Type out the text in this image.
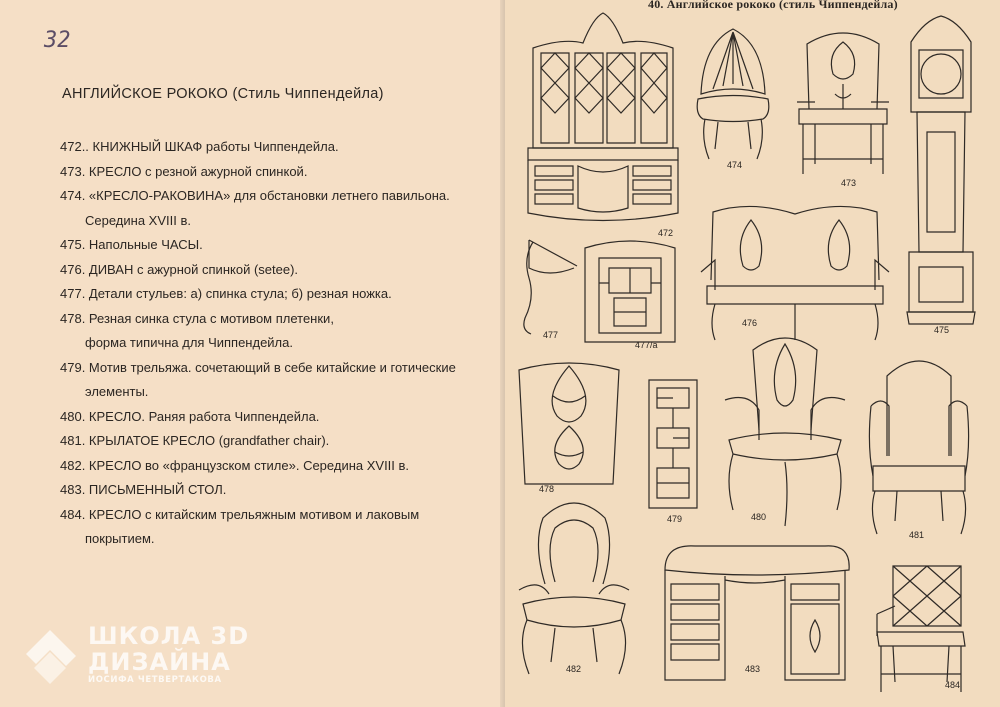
32
АНГЛИЙСКОЕ РОКОКО (Стиль Чиппендейла)
472.. КНИЖНЫЙ ШКАФ работы Чиппендейла.
473. КРЕСЛО с резной ажурной спинкой.
474. «КРЕСЛО-РАКОВИНА» для обстановки летнего павильона.
Середина XVIII в.
475. Напольные ЧАСЫ.
476. ДИВАН с ажурной спинкой (setee).
477. Детали стульев: а) спинка стула; б) резная ножка.
478. Резная синка стула с мотивом плетенки,
форма типична для Чиппендейла.
479. Мотив трельяжа. сочетающий в себе китайские и готические
элементы.
480. КРЕСЛО. Раняя работа Чиппендейла.
481. КРЫЛАТОЕ КРЕСЛО (grandfather chair).
482. КРЕСЛО во «французском стиле». Середина XVIII в.
483. ПИСЬМЕННЫЙ СТОЛ.
484. КРЕСЛО с китайским трельяжным мотивом и лаковым
покрытием.
40. Английское рококо (стиль Чиппендейла)
472
474
473
475
477
477/а
476
478
479	480
481
482	483
484
ШКОЛА 3D
ДИЗАЙНА
ИОСИФА ЧЕТВЕРТАКОВА
